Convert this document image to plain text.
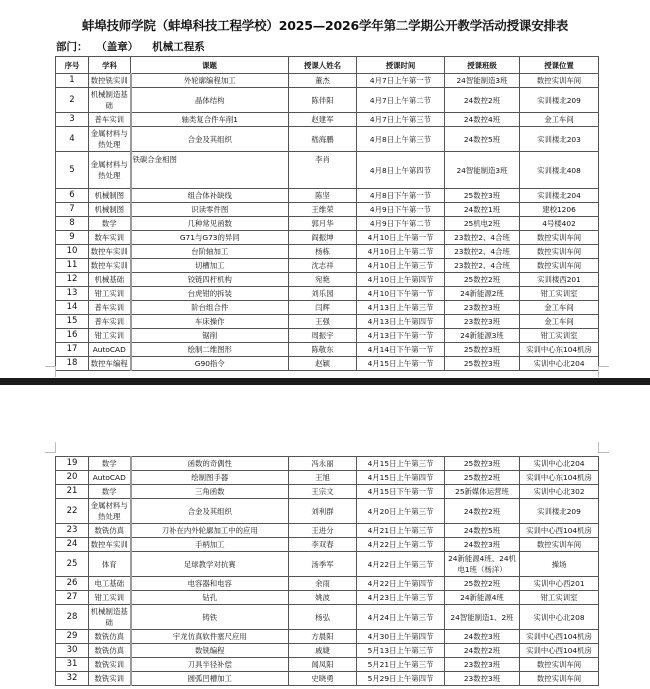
蚌埠技师学院（蚌埠科技工程学校）2025—2026学年第二学期公开教学活动授课安排表
部门： （盖章） 机械工程系
序号	学科	课题	授课人姓名	授课时间	授课班级	授课位置
1	数控铣实训	外轮廓编程加工	董杰	4月7日上午第一节	24智能制造3班	数控实训车间
2	机械制造基础	晶体结构	陈伴阳	4月7日上午第二节	24数控2班	实训楼北209
3	普车实训	轴类复合件车削1	赵建军	4月7日上午第三节	24数控4班	金工车间
4	金属材料与热处理	合金及其组织	嵇海鹏	4月8日上午第三节	24数控5班	实训楼北203
5	金属材料与热处理	铁碳合金相图	李肖	4月8日上午第四节	24智能制造3班	实训楼北408
6	机械制图	组合体补缺线	陈坚	4月8日下午第一节	25数控3班	实训楼北204
7	机械制图	识读零件图	王维荣	4月9日下午第一节	24数控1班	建校1206
8	数学	几种常见函数	郭月华	4月9日下午第二节	25机电2班	4号楼402
9	数车实训	G71与G73的异同	阎振坤	4月10日上午第一节	23数控2、4合班	数控实训车间
10	数控车实训	台阶轴加工	杨栋	4月10日上午第二节	23数控2、4合班	数控实训车间
11	数控车实训	切槽加工	沈志祥	4月10日上午第三节	23数控2、4合班	数控实训车间
12	机械基础	铰链四杆机构	宛艳	4月10日上午第四节	25数控2班	实训楼西201
13	钳工实训	台虎钳的拆装	刘乐园	4月10日下午第一节	24新能源2班	钳工实训室
14	普车实训	阶台组合件	闫辉	4月13日上午第三节	23数控3班	金工车间
15	普车实训	车床操作	王强	4月13日上午第四节	23数控3班	金工车间
16	钳工实训	锯削	周振宇	4月13日下午第一节	24新能源3班	钳工实训室
17	AutoCAD	绘制二维图形	陈敬东	4月14日下午第一节	25数控3班	实训中心东104机房
18	数控车编程	G90指令	赵颖	4月15日上午第一节	25数控3班	实训中心北204
19	数学	函数的奇偶性	冯永丽	4月15日上午第三节	25数控3班	实训中心北204
20	AutoCAD	绘制图手器	王旭	4月15日上午第四节	25数控2班	实训中心东104机房
21	数学	三角函数	王宗文	4月15日下午第一节	25新媒体运营班	实训中心北302
22	金属材料与热处理	合金及其组织	刘利群	4月20日上午第三节	24数控2班	实训楼北209
23	数铣仿真	刀补在内外轮廓加工中的应用	王进分	4月21日上午第三节	24数控5班	实训中心西104机房
24	数控车实训	手柄加工	李双春	4月22日上午第二节	24数控3班	数控实训车间
25	体育	足球教学对抗赛	汤季军	4月22日上午第三节	24新能源4班、24机电1班（杨洋）	操场
26	电工基础	电容器和电容	余雨	4月22日上午第四节	25数控2班	实训中心西201
27	钳工实训	钻孔	姚波	4月23日上午第三节	24新能源4班	钳工实训室
28	机械制造基础	铸铁	杨弘	4月24日上午第三节	24智能制造1、2班	实训中心北208
29	数铣仿真	宇龙仿真软件塞尺应用	方晨阳	4月30日上午第四节	24数控3班	实训中心西104机房
30	数铣仿真	数铣编程	戚婕	5月13日上午第三节	24数控2班	实训中心西104机房
31	数铣实训	刀具半径补偿	闻凤阳	5月21日上午第三节	23数控3班	数控实训车间
32	数铣实训	圆弧凹槽加工	史晓勇	5月29日上午第四节	23数控3班	数控实训车间
